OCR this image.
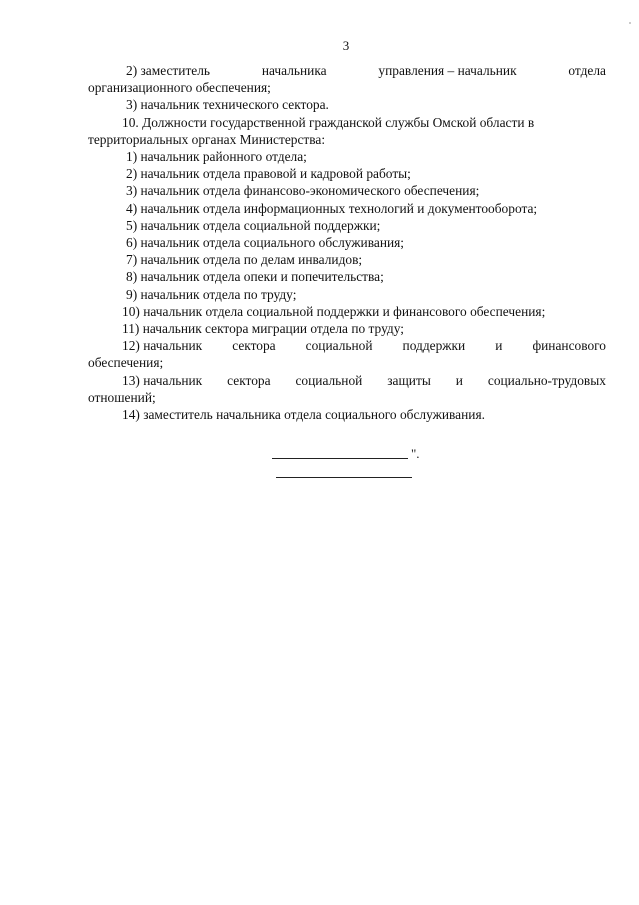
3
2) заместитель	начальника	управления – начальник	отдела
организационного обеспечения;
3) начальник технического сектора.
10. Должности государственной гражданской службы Омской области в
территориальных органах Министерства:
1) начальник районного отдела;
2) начальник отдела правовой и кадровой работы;
3) начальник отдела финансово-экономического обеспечения;
4) начальник отдела информационных технологий и документооборота;
5) начальник отдела социальной поддержки;
6) начальник отдела социального обслуживания;
7) начальник отдела по делам инвалидов;
8) начальник отдела опеки и попечительства;
9) начальник отдела по труду;
10) начальник отдела социальной поддержки и финансового обеспечения;
11) начальник сектора миграции отдела по труду;
12) начальник сектора социальной поддержки и финансового
обеспечения;
13) начальник сектора социальной защиты и социально-трудовых
отношений;
14) заместитель начальника отдела социального обслуживания.
".
